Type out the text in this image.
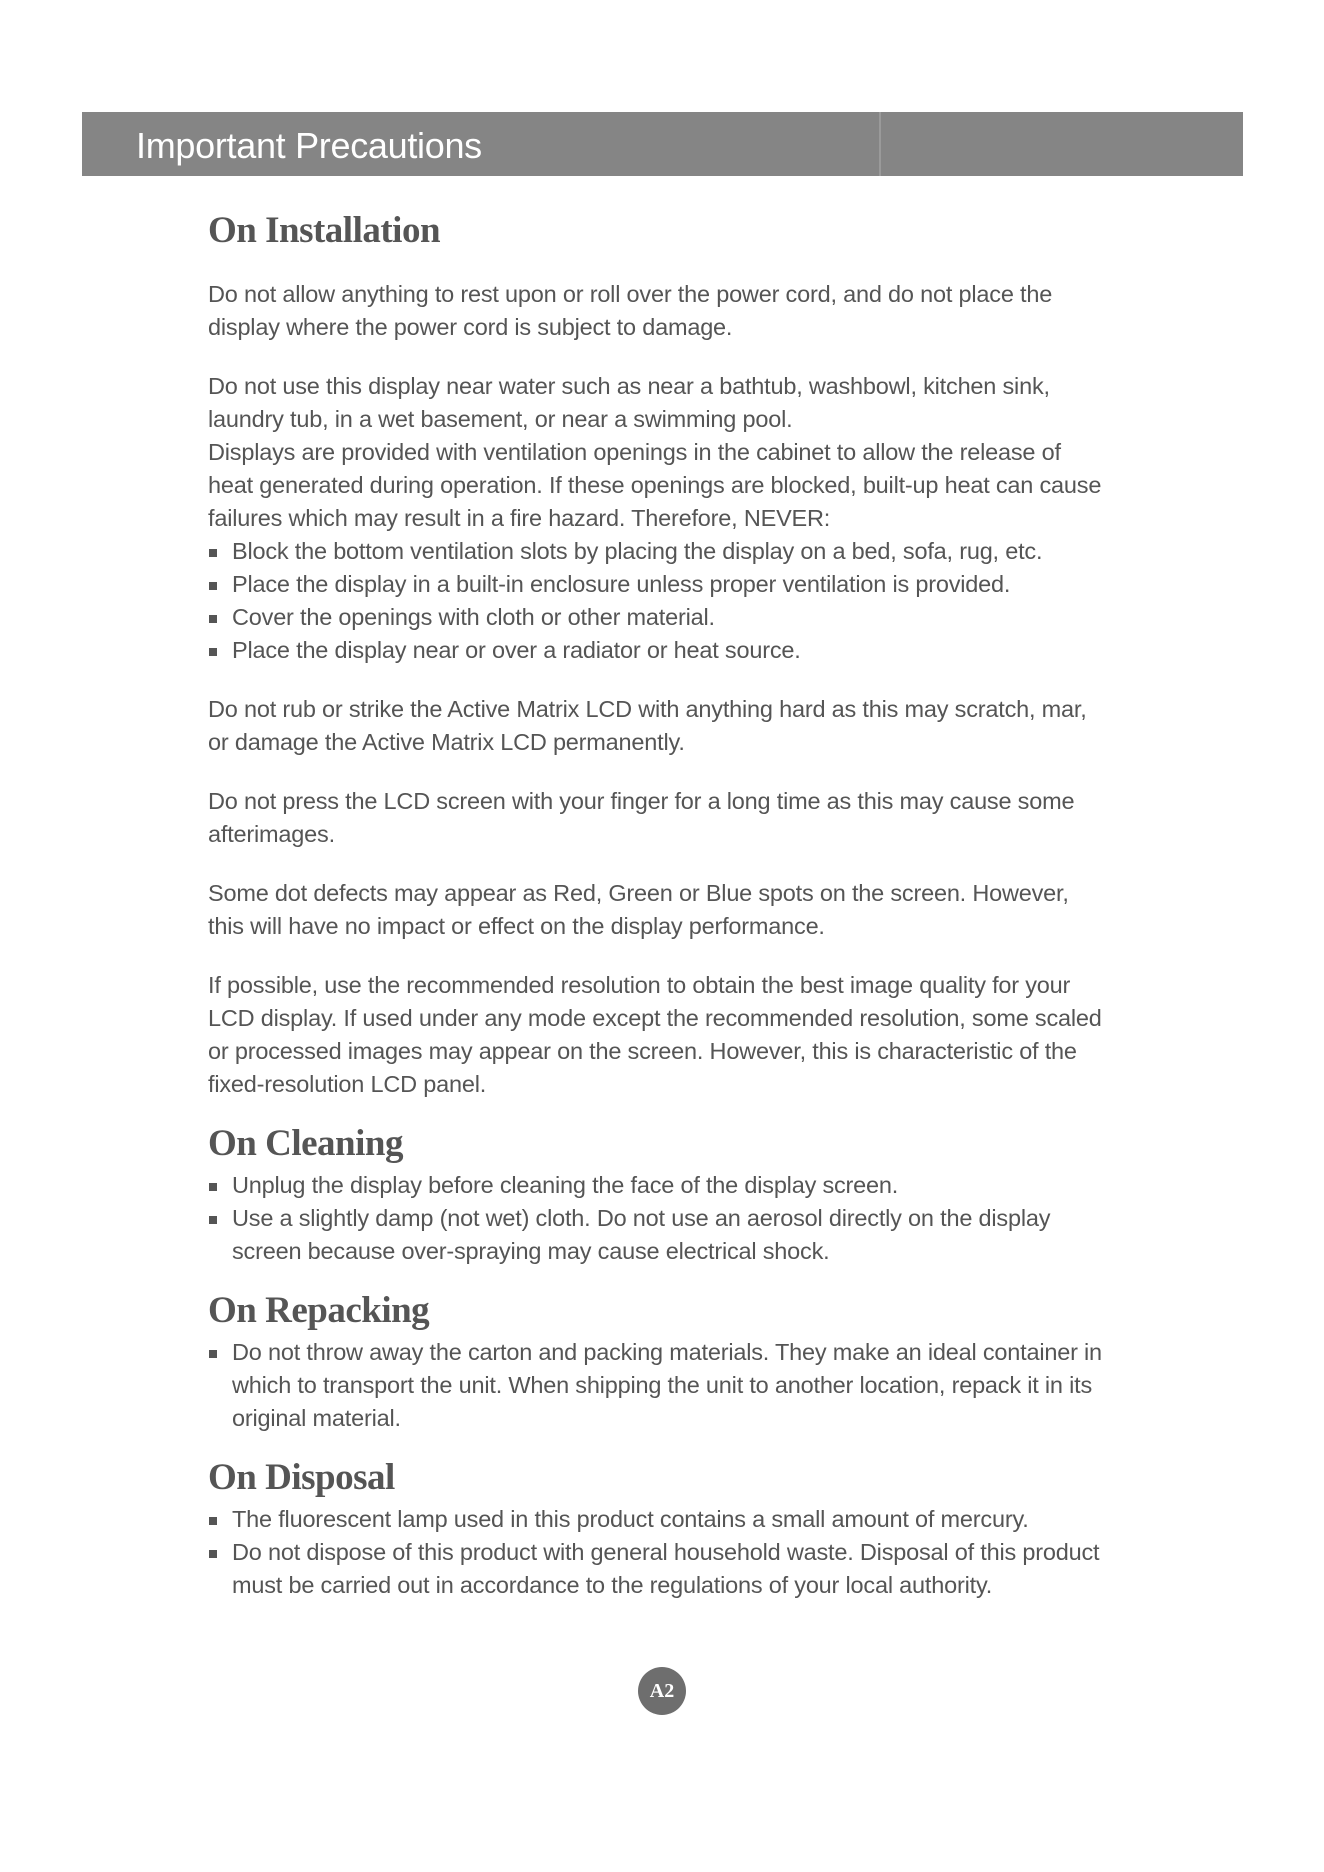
Important Precautions
On Installation

Do not allow anything to rest upon or roll over the power cord, and do not place the display where the power cord is subject to damage.

Do not use this display near water such as near a bathtub, washbowl, kitchen sink, laundry tub, in a wet basement, or near a swimming pool.

Displays are provided with ventilation openings in the cabinet to allow the release of heat generated during operation. If these openings are blocked, built-up heat can cause failures which may result in a fire hazard. Therefore, NEVER:

Block the bottom ventilation slots by placing the display on a bed, sofa, rug, etc.
Place the display in a built-in enclosure unless proper ventilation is provided.
Cover the openings with cloth or other material.
Place the display near or over a radiator or heat source.

Do not rub or strike the Active Matrix LCD with anything hard as this may scratch, mar, or damage the Active Matrix LCD permanently.

Do not press the LCD screen with your finger for a long time as this may cause some afterimages.

Some dot defects may appear as Red, Green or Blue spots on the screen. However, this will have no impact or effect on the display performance.

If possible, use the recommended resolution to obtain the best image quality for your LCD display. If used under any mode except the recommended resolution, some scaled or processed images may appear on the screen. However, this is characteristic of the fixed-resolution LCD panel.

On Cleaning
Unplug the display before cleaning the face of the display screen.
Use a slightly damp (not wet) cloth. Do not use an aerosol directly on the display screen because over-spraying may cause electrical shock.
On Repacking
Do not throw away the carton and packing materials. They make an ideal container in which to transport the unit. When shipping the unit to another location, repack it in its original material.
On Disposal
The fluorescent lamp used in this product contains a small amount of mercury.
Do not dispose of this product with general household waste. Disposal of this product must be carried out in accordance to the regulations of your local authority.
A2
